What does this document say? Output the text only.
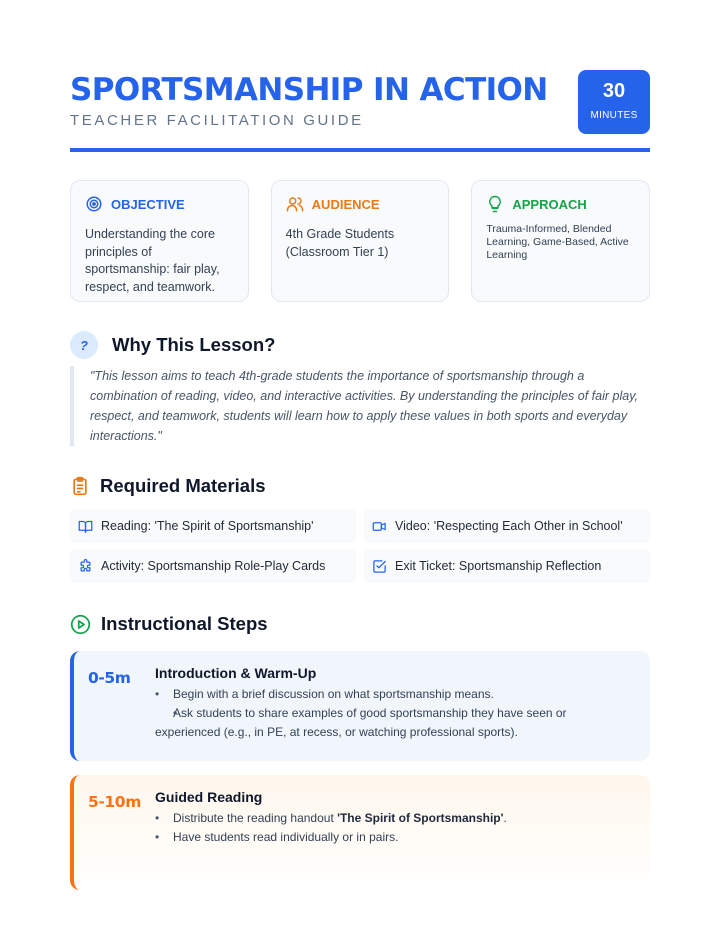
SPORTSMANSHIP IN ACTION
TEACHER FACILITATION GUIDE
30
MINUTES
OBJECTIVE
Understanding the core principles of sportsmanship: fair play, respect, and teamwork.
AUDIENCE
4th Grade Students (Classroom Tier 1)
APPROACH
Trauma-Informed, Blended Learning, Game-Based, Active Learning
?	Why This Lesson?
"This lesson aims to teach 4th-grade students the importance of sportsmanship through a combination of reading, video, and interactive activities. By understanding the principles of fair play, respect, and teamwork, students will learn how to apply these values in both sports and everyday interactions."
Required Materials
Reading: 'The Spirit of Sportsmanship'	Video: 'Respecting Each Other in School'
Activity: Sportsmanship Role-Play Cards	Exit Ticket: Sportsmanship Reflection
Instructional Steps
0-5m Introduction & Warm-Up
• Begin with a brief discussion on what sportsmanship means.
• Ask students to share examples of good sportsmanship they have seen or experienced (e.g., in PE, at recess, or watching professional sports).
5-10m Guided Reading
• Distribute the reading handout 'The Spirit of Sportsmanship'.
• Have students read individually or in pairs.
